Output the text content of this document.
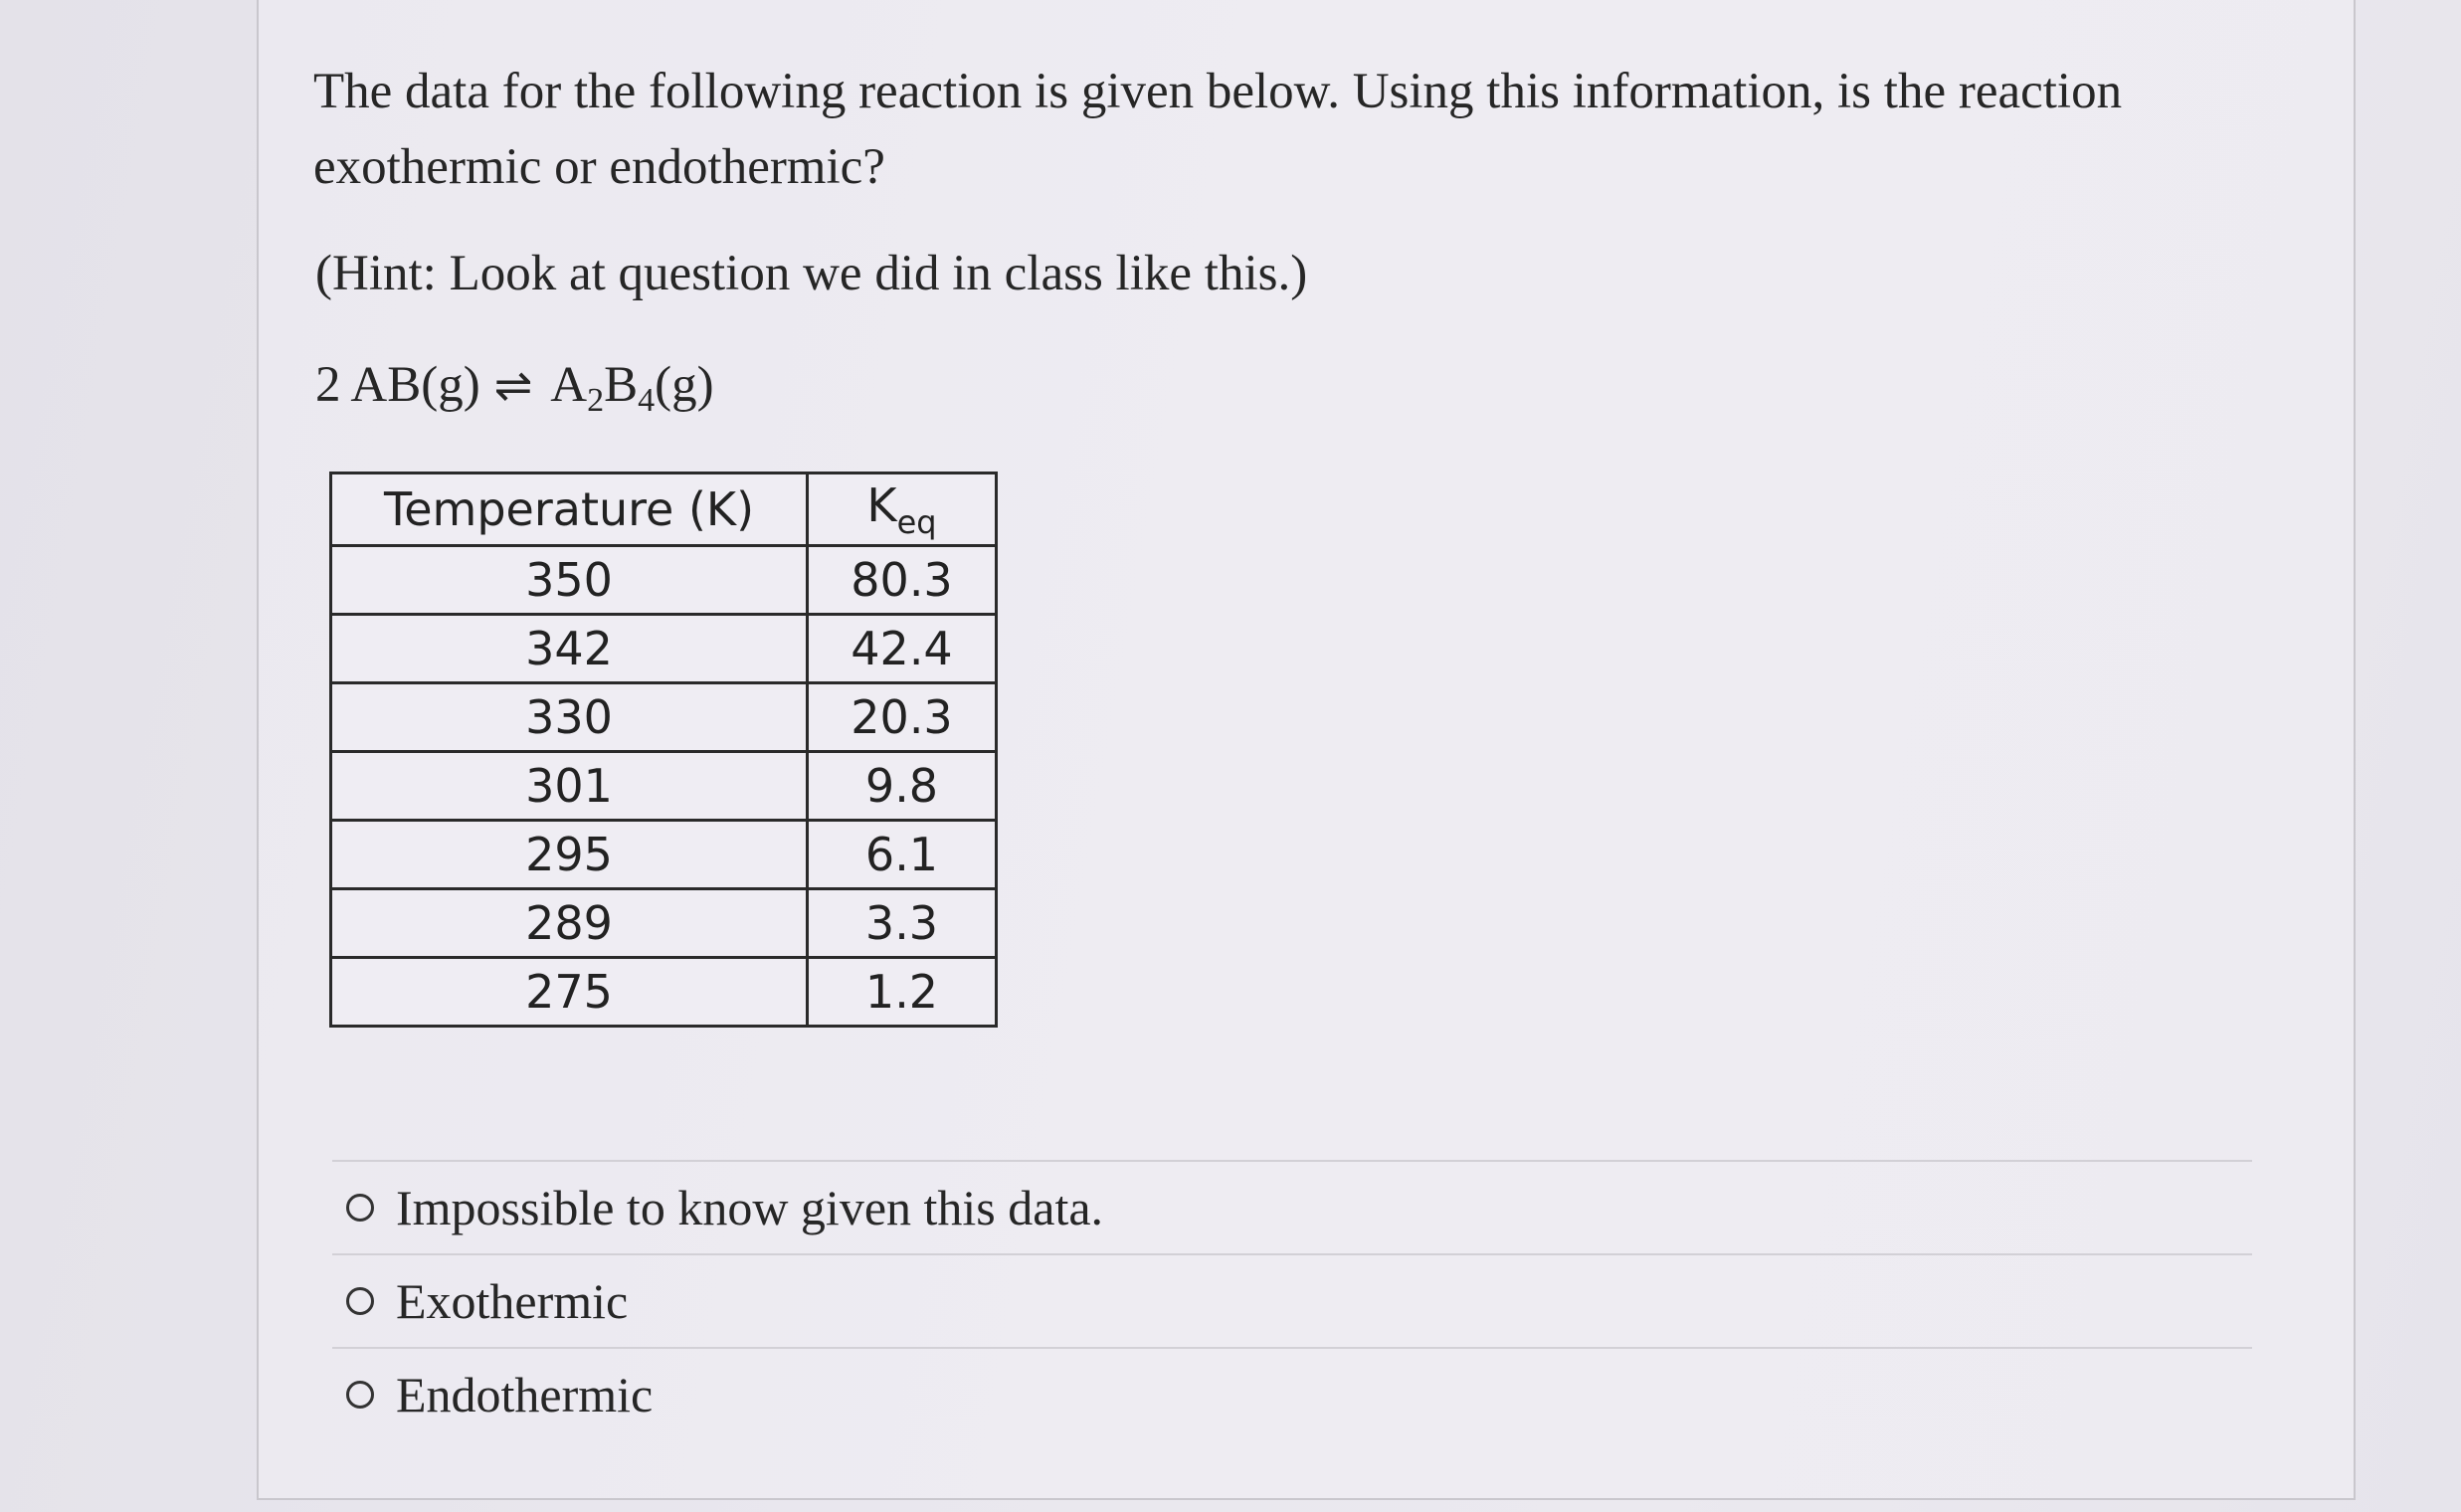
The data for the following reaction is given below. Using this information, is the reaction exothermic or endothermic?
(Hint: Look at question we did in class like this.)
2 AB(g) ⇌ $A_2B_4(g)$
Temperature (K)	$K_{eq}$
350	80.3
342	42.4
330	20.3
301	9.8
295	6.1
289	3.3
275	1.2
Impossible to know given this data.
Exothermic
Endothermic
